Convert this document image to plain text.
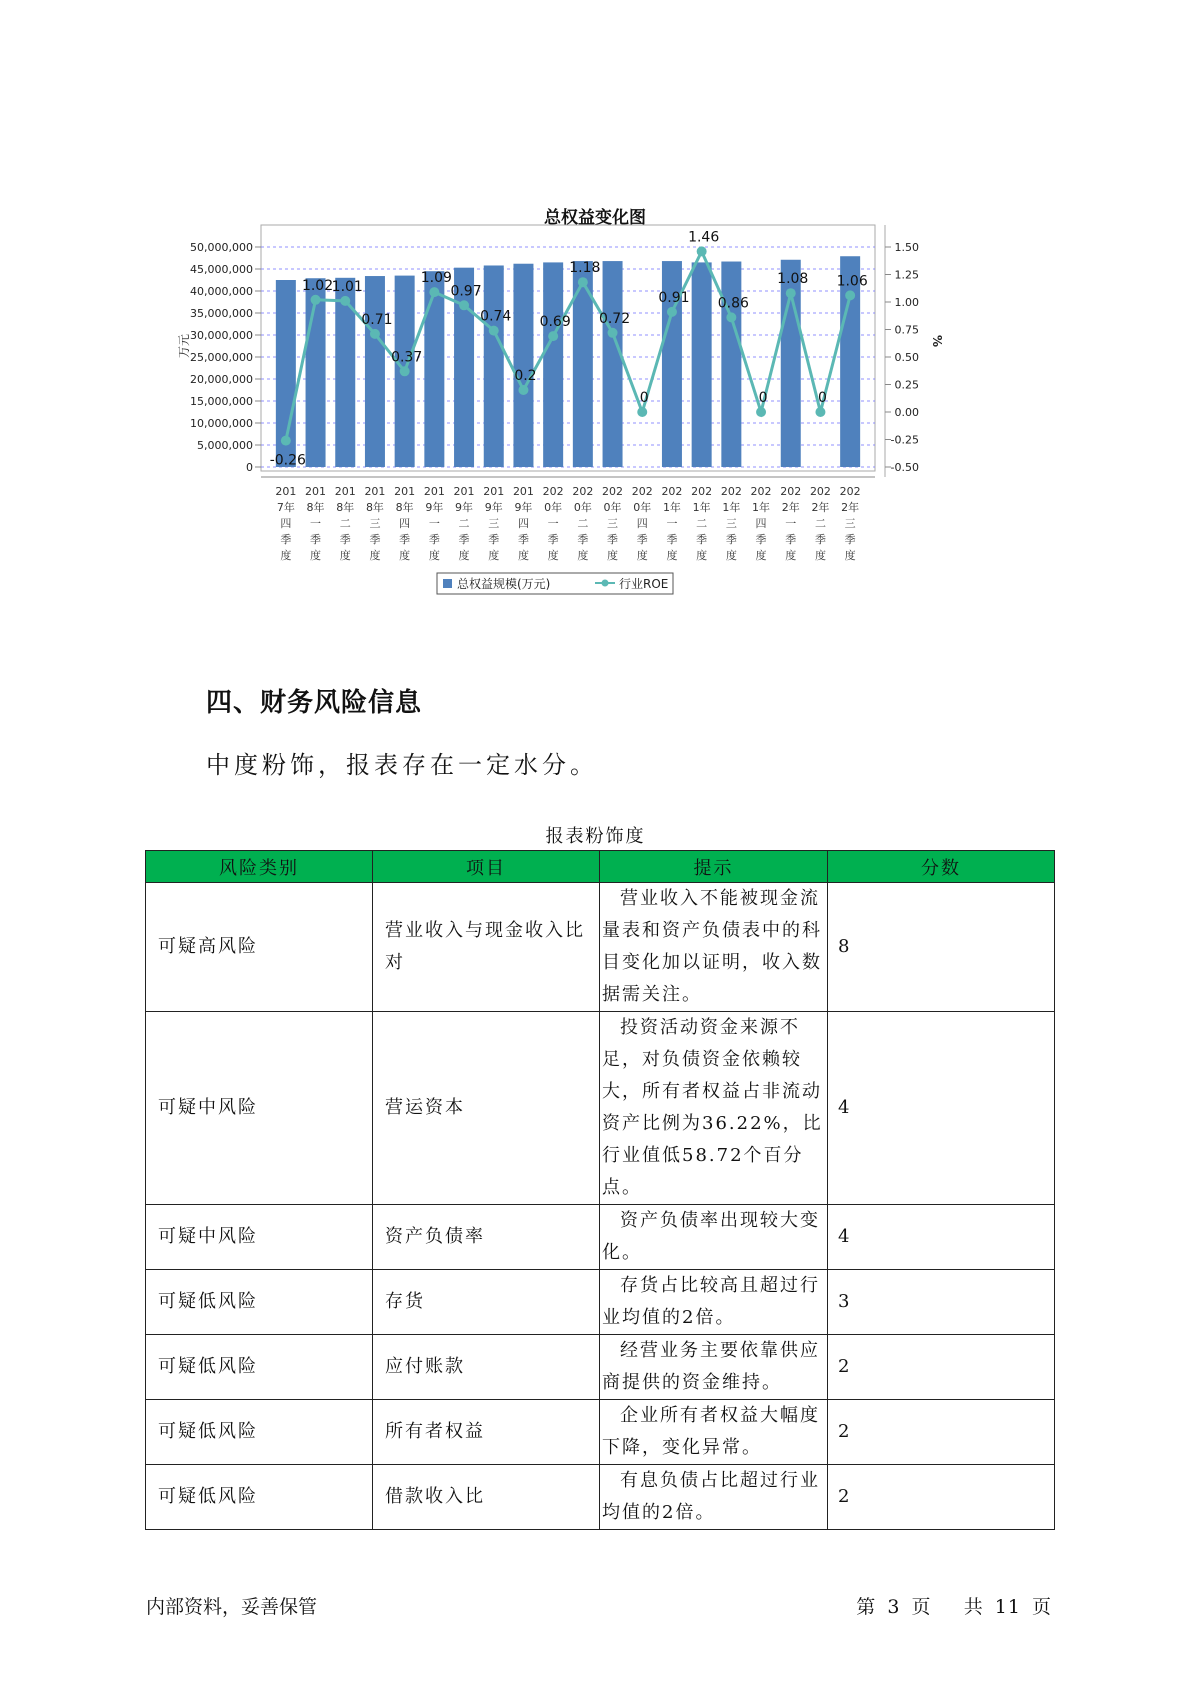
总权益变化图
0
5,000,000
10,000,000
15,000,000
20,000,000
25,000,000
30,000,000
35,000,000
40,000,000
45,000,000
50,000,000
-0.50
-0.25
0.00
0.25
0.50
0.75
1.00
1.25
1.50
万元	%
-0.26
1.02
1.01
0.71
0.37
1.09
0.97
0.74
0.2
0.69
1.18
0.72
0
0.91
1.46
0.86
0
1.08
0
1.06
201
7年
四
季
度
201
8年
一
季
度
201
8年
二
季
度
201
8年
三
季
度
201
8年
四
季
度
201
9年
一
季
度
201
9年
二
季
度
201
9年
三
季
度
201
9年
四
季
度
202
0年
一
季
度
202
0年
二
季
度
202
0年
三
季
度
202
0年
四
季
度
202
1年
一
季
度
202
1年
二
季
度
202
1年
三
季
度
202
1年
四
季
度
202
2年
一
季
度
202
2年
二
季
度
202
2年
三
季
度
总权益规模(万元)	行业ROE
四、财务风险信息

中度粉饰，报表存在一定水分。

报表粉饰度
风险类别	项目	提示	分数
可疑高风险	营业收入与现金收入比对	营业收入不能被现金流量表和资产负债表中的科目变化加以证明，收入数据需关注。	8
可疑中风险	营运资本	投资活动资金来源不足，对负债资金依赖较大，所有者权益占非流动资产比例为36.22%，比行业值低58.72个百分点。	4
可疑中风险	资产负债率	资产负债率出现较大变化。	4
可疑低风险	存货	存货占比较高且超过行业均值的2倍。	3
可疑低风险	应付账款	经营业务主要依靠供应商提供的资金维持。	2
可疑低风险	所有者权益	企业所有者权益大幅度下降，变化异常。	2
可疑低风险	借款收入比	有息负债占比超过行业均值的2倍。	2
内部资料，妥善保管	第 3 页 共 11 页
